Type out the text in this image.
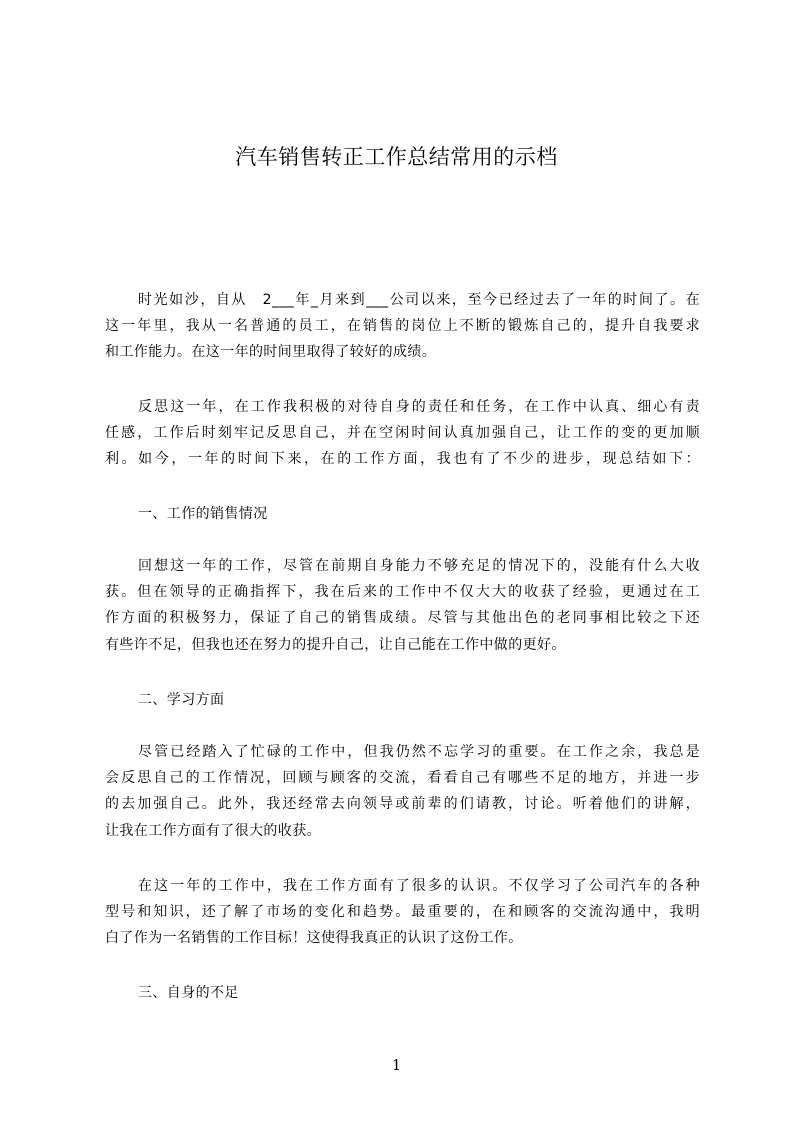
汽车销售转正工作总结常用的示档
时光如沙，自从　2___年_月来到___公司以来，至今已经过去了一年的时间了。在
这一年里，我从一名普通的员工，在销售的岗位上不断的锻炼自己的，提升自我要求
和工作能力。在这一年的时间里取得了较好的成绩。
反思这一年，在工作我积极的对待自身的责任和任务，在工作中认真、细心有责
任感，工作后时刻牢记反思自己，并在空闲时间认真加强自己，让工作的变的更加顺
利。如今，一年的时间下来，在的工作方面，我也有了不少的进步，现总结如下：
一、工作的销售情况
回想这一年的工作，尽管在前期自身能力不够充足的情况下的，没能有什么大收
获。但在领导的正确指挥下，我在后来的工作中不仅大大的收获了经验，更通过在工
作方面的积极努力，保证了自己的销售成绩。尽管与其他出色的老同事相比较之下还
有些许不足，但我也还在努力的提升自己，让自己能在工作中做的更好。
二、学习方面
尽管已经踏入了忙碌的工作中，但我仍然不忘学习的重要。在工作之余，我总是
会反思自己的工作情况，回顾与顾客的交流，看看自己有哪些不足的地方，并进一步
的去加强自己。此外，我还经常去向领导或前辈的们请教，讨论。听着他们的讲解，
让我在工作方面有了很大的收获。
在这一年的工作中，我在工作方面有了很多的认识。不仅学习了公司汽车的各种
型号和知识，还了解了市场的变化和趋势。最重要的，在和顾客的交流沟通中，我明
白了作为一名销售的工作目标！这使得我真正的认识了这份工作。
三、自身的不足
1
